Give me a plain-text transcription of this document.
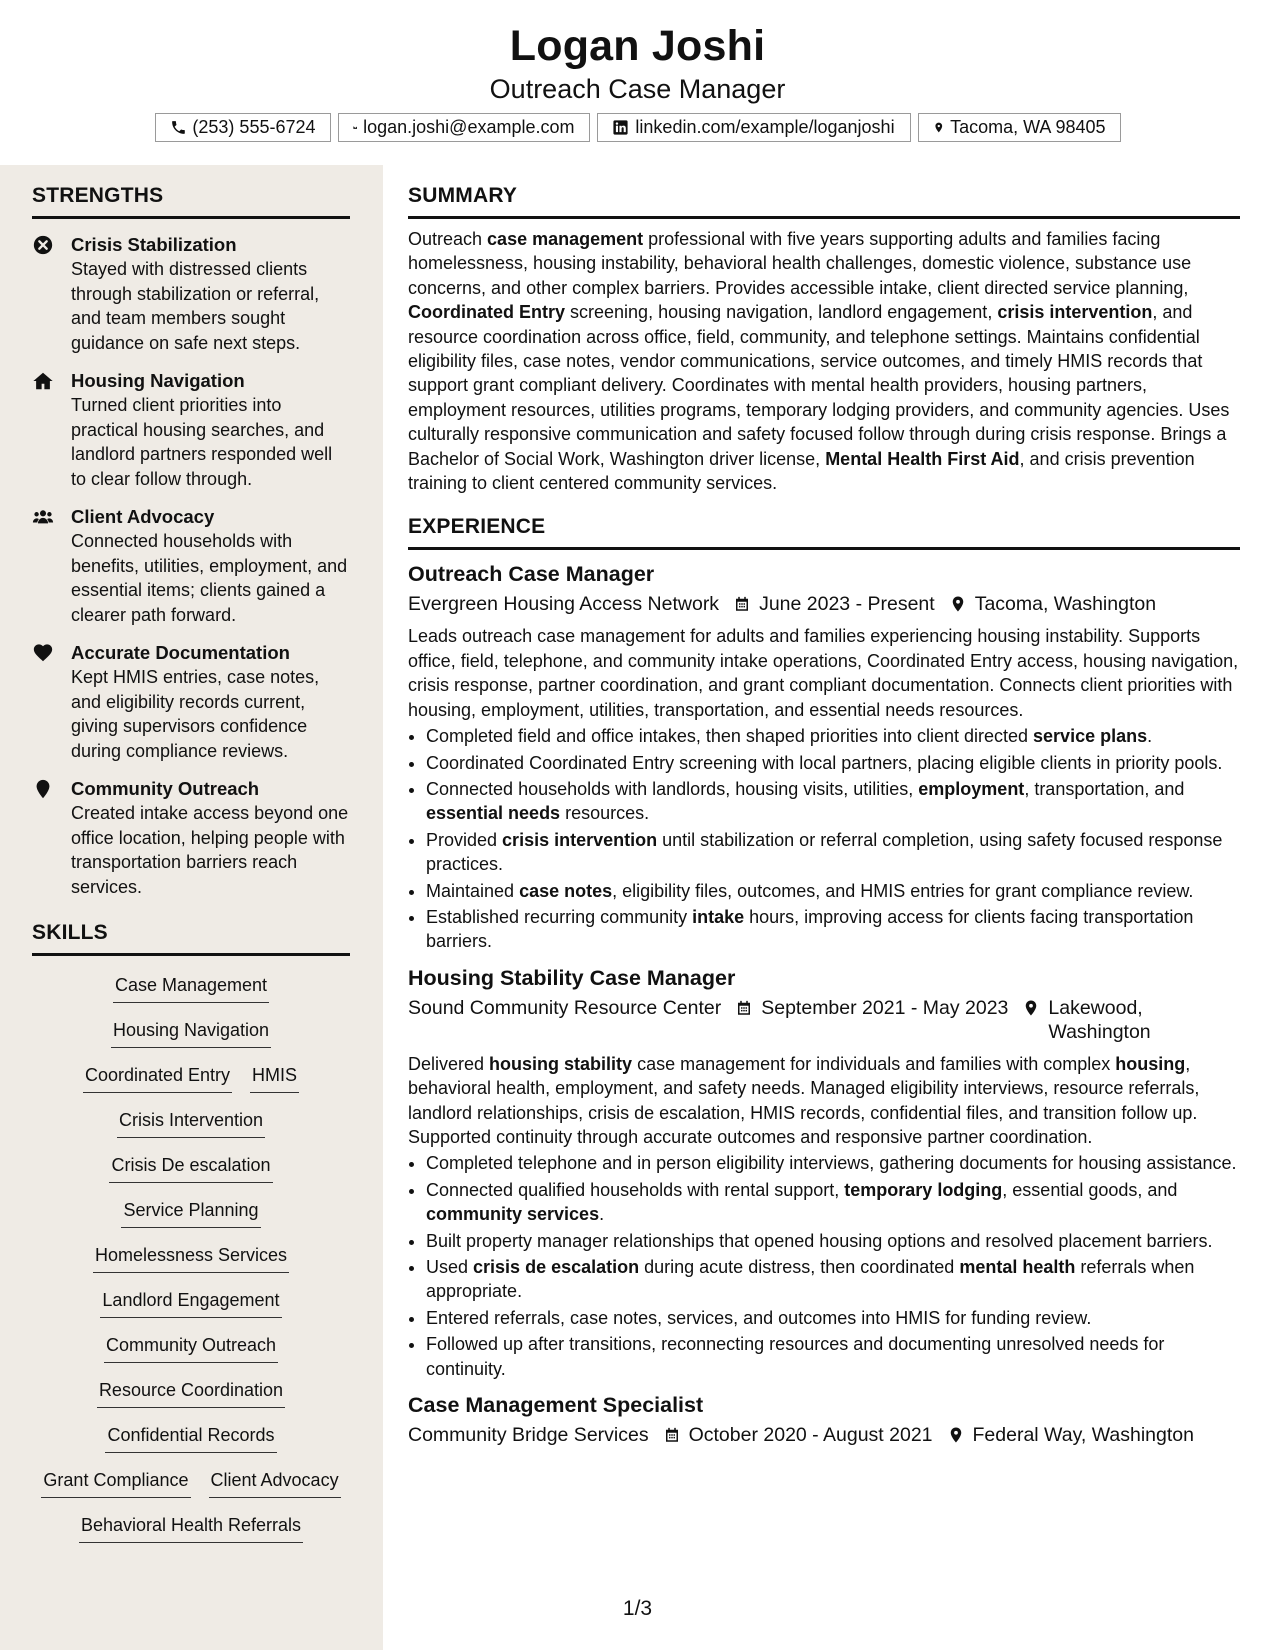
Logan Joshi
Outreach Case Manager
(253) 555-6724	logan.joshi@example.com	linkedin.com/example/loganjoshi	Tacoma, WA 98405
STRENGTHS
Crisis Stabilization
Stayed with distressed clients through stabilization or referral, and team members sought guidance on safe next steps.
Housing Navigation
Turned client priorities into practical housing searches, and landlord partners responded well to clear follow through.
Client Advocacy
Connected households with benefits, utilities, employment, and essential items; clients gained a clearer path forward.
Accurate Documentation
Kept HMIS entries, case notes, and eligibility records current, giving supervisors confidence during compliance reviews.
Community Outreach
Created intake access beyond one office location, helping people with transportation barriers reach services.
SKILLS
Case Management
Housing Navigation
Coordinated Entry HMIS
Crisis Intervention
Crisis De escalation
Service Planning
Homelessness Services
Landlord Engagement
Community Outreach
Resource Coordination
Confidential Records
Grant Compliance Client Advocacy
Behavioral Health Referrals
SUMMARY
Outreach case management professional with five years supporting adults and families facing homelessness, housing instability, behavioral health challenges, domestic violence, substance use concerns, and other complex barriers. Provides accessible intake, client directed service planning, Coordinated Entry screening, housing navigation, landlord engagement, crisis intervention, and resource coordination across office, field, community, and telephone settings. Maintains confidential eligibility files, case notes, vendor communications, service outcomes, and timely HMIS records that support grant compliant delivery. Coordinates with mental health providers, housing partners, employment resources, utilities programs, temporary lodging providers, and community agencies. Uses culturally responsive communication and safety focused follow through during crisis response. Brings a Bachelor of Social Work, Washington driver license, Mental Health First Aid, and crisis prevention training to client centered community services.
EXPERIENCE
Outreach Case Manager
Evergreen Housing Access Network June 2023 - Present Tacoma, Washington
Leads outreach case management for adults and families experiencing housing instability. Supports office, field, telephone, and community intake operations, Coordinated Entry access, housing navigation, crisis response, partner coordination, and grant compliant documentation. Connects client priorities with housing, employment, utilities, transportation, and essential needs resources.
• Completed field and office intakes, then shaped priorities into client directed service plans.
• Coordinated Coordinated Entry screening with local partners, placing eligible clients in priority pools.
• Connected households with landlords, housing visits, utilities, employment, transportation, and essential needs resources.
• Provided crisis intervention until stabilization or referral completion, using safety focused response practices.
• Maintained case notes, eligibility files, outcomes, and HMIS entries for grant compliance review.
• Established recurring community intake hours, improving access for clients facing transportation barriers.
Housing Stability Case Manager
Sound Community Resource Center September 2021 - May 2023 Lakewood, Washington
Delivered housing stability case management for individuals and families with complex housing, behavioral health, employment, and safety needs. Managed eligibility interviews, resource referrals, landlord relationships, crisis de escalation, HMIS records, confidential files, and transition follow up. Supported continuity through accurate outcomes and responsive partner coordination.
• Completed telephone and in person eligibility interviews, gathering documents for housing assistance.
• Connected qualified households with rental support, temporary lodging, essential goods, and community services.
• Built property manager relationships that opened housing options and resolved placement barriers.
• Used crisis de escalation during acute distress, then coordinated mental health referrals when appropriate.
• Entered referrals, case notes, services, and outcomes into HMIS for funding review.
• Followed up after transitions, reconnecting resources and documenting unresolved needs for continuity.
Case Management Specialist
Community Bridge Services October 2020 - August 2021 Federal Way, Washington
1/3
